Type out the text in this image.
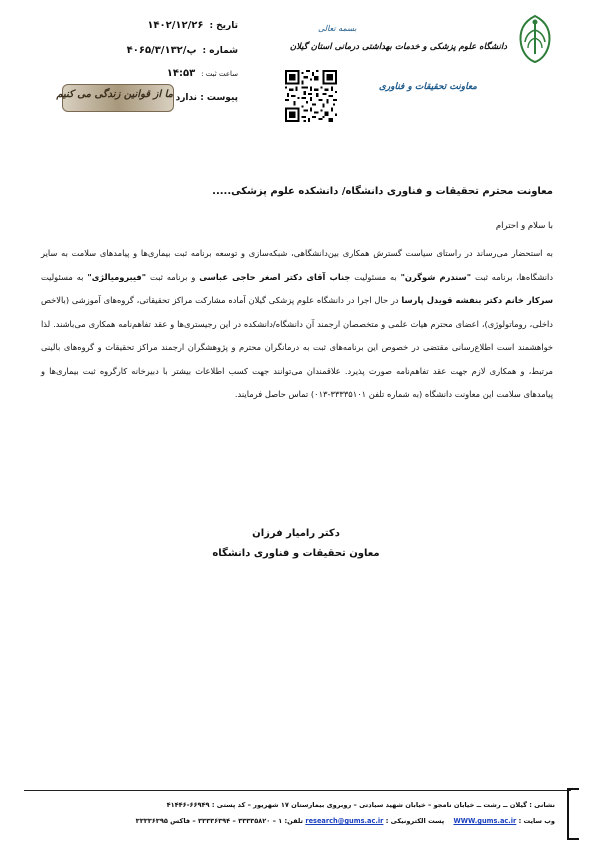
دانشگاه علوم پزشکی و خدمات بهداشتی درمانی استان گیلان
معاونت تحقیقات و فناوری
بسمه تعالی
تاریخ :
۱۴۰۲/۱۲/۲۶
شماره :
۴۰۶۵/۳/۱۳۲/پ
ساعت ثبت :
۱۴:۵۳
پیوست : ندارد
ما از قوانین زندگی می کنیم
معاونت محترم تحقیقات و فناوری دانشگاه/ دانشکده علوم پزشکی.....
با سلام و احترام
به استحضار می‌رساند در راستای سیاست گسترش همکاری بین‌دانشگاهی، شبکه‌سازی و توسعه برنامه ثبت بیماری‌ها و پیامدهای سلامت به سایر دانشگاه‌ها، برنامه ثبت "سندرم شوگرن" به مسئولیت جناب آقای دکتر اصغر حاجی عباسی و برنامه ثبت "فیبرومیالژی" به مسئولیت سرکار خانم دکتر بنفشه قویدل پارسا در حال اجرا در دانشگاه علوم پزشکی گیلان آماده مشارکت مراکز تحقیقاتی، گروه‌های آموزشی (بالاخص داخلی، روماتولوژی)، اعضای محترم هیات علمی و متخصصان ارجمند آن دانشگاه/دانشکده در این رجیستری‌ها و عقد تفاهم‌نامه همکاری می‌باشند. لذا خواهشمند است اطلاع‌رسانی مقتضی در خصوص این برنامه‌های ثبت به درمانگران محترم و پژوهشگران ارجمند مراکز تحقیقات و گروه‌های بالینی مرتبط، و همکاری لازم جهت عقد تفاهم‌نامه صورت پذیرد. علاقمندان می‌توانند جهت کسب اطلاعات بیشتر با دبیرخانه کارگروه ثبت بیماری‌ها و پیامدهای سلامت این معاونت دانشگاه (به شماره تلفن ۳۳۳۳۵۱۰۱-۰۱۳) تماس حاصل فرمایند.
دکتر رامیار فرزان
معاون تحقیقات و فناوری دانشگاه
نشانی : گیلان ــ رشت ــ خیابان نامجو – خیابان شهید سیادتی – روبروی بیمارستان ۱۷ شهریور – کد پستی : ۶۶۹۴۹-۴۱۴۴۶
وب سایت : WWW.gums.ac.ir    پست الکترونیکی : research@gums.ac.ir تلفن: ۱ – ۳۳۳۳۵۸۲۰ – ۳۳۳۳۶۳۹۴ – فاکس ۳۳۳۳۶۳۹۵
